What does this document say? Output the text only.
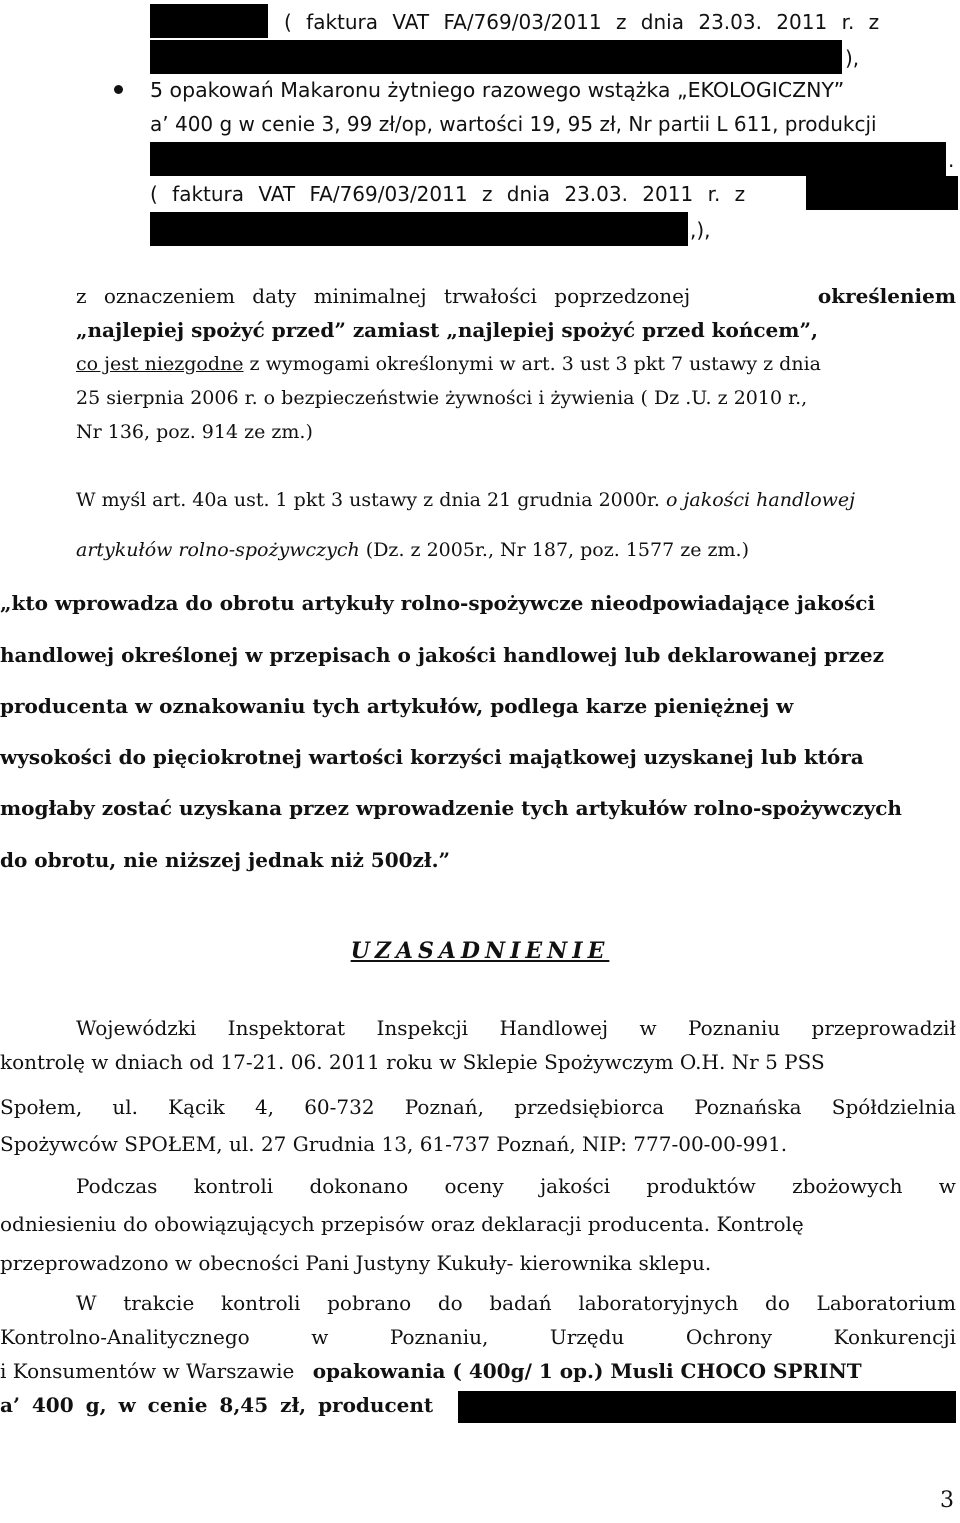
( faktura VAT FA/769/03/2011 z dnia 23.03. 2011 r. z
),
5 opakowań Makaronu żytniego razowego wstążka „EKOLOGICZNY”
a’ 400 g w cenie 3, 99 zł/op, wartości 19, 95 zł, Nr partii L 611, produkcji
.
( faktura VAT FA/769/03/2011 z dnia 23.03. 2011 r. z
,),
z oznaczeniem daty minimalnej trwałości poprzedzonej	określeniem
„najlepiej spożyć przed” zamiast „najlepiej spożyć przed końcem”,
co jest niezgodne z wymogami określonymi w art. 3 ust 3 pkt 7 ustawy z dnia
25 sierpnia 2006 r. o bezpieczeństwie żywności i żywienia ( Dz .U. z 2010 r.,
Nr 136, poz. 914 ze zm.)
W myśl art. 40a ust. 1 pkt 3 ustawy z dnia 21 grudnia 2000r. o jakości handlowej
artykułów rolno-spożywczych (Dz. z 2005r., Nr 187, poz. 1577 ze zm.)
„kto wprowadza do obrotu artykuły rolno-spożywcze nieodpowiadające jakości
handlowej określonej w przepisach o jakości handlowej lub deklarowanej przez
producenta w oznakowaniu tych artykułów, podlega karze pieniężnej w
wysokości do pięciokrotnej wartości korzyści majątkowej uzyskanej lub która
mogłaby zostać uzyskana przez wprowadzenie tych artykułów rolno-spożywczych
do obrotu, nie niższej jednak niż 500zł.”
UZASADNIENIE
Wojewódzki Inspektorat Inspekcji Handlowej w Poznaniu przeprowadził
kontrolę w dniach od 17-21. 06. 2011 roku w Sklepie Spożywczym O.H. Nr 5 PSS
Społem, ul. Kącik 4, 60-732 Poznań, przedsiębiorca Poznańska Spółdzielnia
Spożywców SPOŁEM, ul. 27 Grudnia 13, 61-737 Poznań, NIP: 777-00-00-991.
Podczas kontroli dokonano oceny jakości produktów zbożowych w
odniesieniu do obowiązujących przepisów oraz deklaracji producenta. Kontrolę
przeprowadzono w obecności Pani Justyny Kukuły- kierownika sklepu.
W trakcie kontroli pobrano do badań laboratoryjnych do Laboratorium
Kontrolno-Analitycznego	w	Poznaniu,	Urzędu	Ochrony	Konkurencji
i Konsumentów w Warszawie opakowania ( 400g/ 1 op.) Musli CHOCO SPRINT
a’ 400 g, w cenie 8,45 zł, producent
3
